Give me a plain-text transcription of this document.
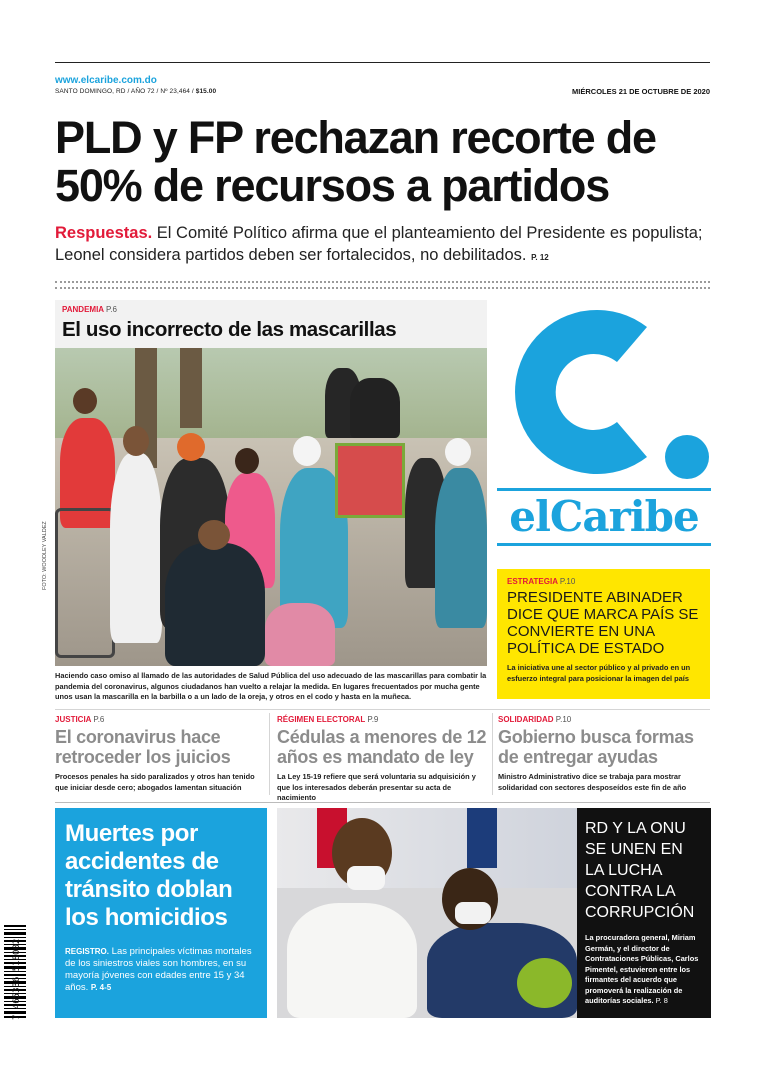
www.elcaribe.com.do
SANTO DOMINGO, RD / AÑO 72 / Nº 23,464 / $15.00	MIÉRCOLES 21 DE OCTUBRE DE 2020
PLD y FP rechazan recorte de 50% de recursos a partidos
Respuestas. El Comité Político afirma que el planteamiento del Presidente es populista; Leonel considera partidos deben ser fortalecidos, no debilitados. P. 12
PANDEMIA P.6
El uso incorrecto de las mascarillas
FOTO: WOODLEY VALDEZ
Haciendo caso omiso al llamado de las autoridades de Salud Pública del uso adecuado de las mascarillas para combatir la pandemia del coronavirus, algunos ciudadanos han vuelto a relajar la medida. En lugares frecuentados por mucha gente unos usan la mascarilla en la barbilla o a un lado de la oreja, y otros en el codo y hasta en la muñeca.
elCaribe
ESTRATEGIA P.10
PRESIDENTE ABINADER DICE QUE MARCA PAÍS SE CONVIERTE EN UNA POLÍTICA DE ESTADO
La iniciativa une al sector público y al privado en un esfuerzo integral para posicionar la imagen del país
JUSTICIA P.6
El coronavirus hace retroceder los juicios
Procesos penales ha sido paralizados y otros han tenido que iniciar desde cero; abogados lamentan situación
RÉGIMEN ELECTORAL P.9
Cédulas a menores de 12 años es mandato de ley
La Ley 15-19 refiere que será voluntaria su adquisición y que los interesados deberán presentar su acta de nacimiento
SOLIDARIDAD P.10
Gobierno busca formas de entregar ayudas
Ministro Administrativo dice se trabaja para mostrar solidaridad con sectores desposeídos este fin de año
Muertes por accidentes de tránsito doblan los homicidios
REGISTRO. Las principales víctimas mortales de los siniestros viales son hombres, en su mayoría jóvenes con edades entre 15 y 34 años. P. 4-5
RD Y LA ONU SE UNEN EN LA LUCHA CONTRA LA CORRUPCIÓN
La procuradora general, Miriam Germán, y el director de Contrataciones Públicas, Carlos Pimentel, estuvieron entre los firmantes del acuerdo que promoverá la realización de auditorías sociales. P. 8
7 465336 518002
